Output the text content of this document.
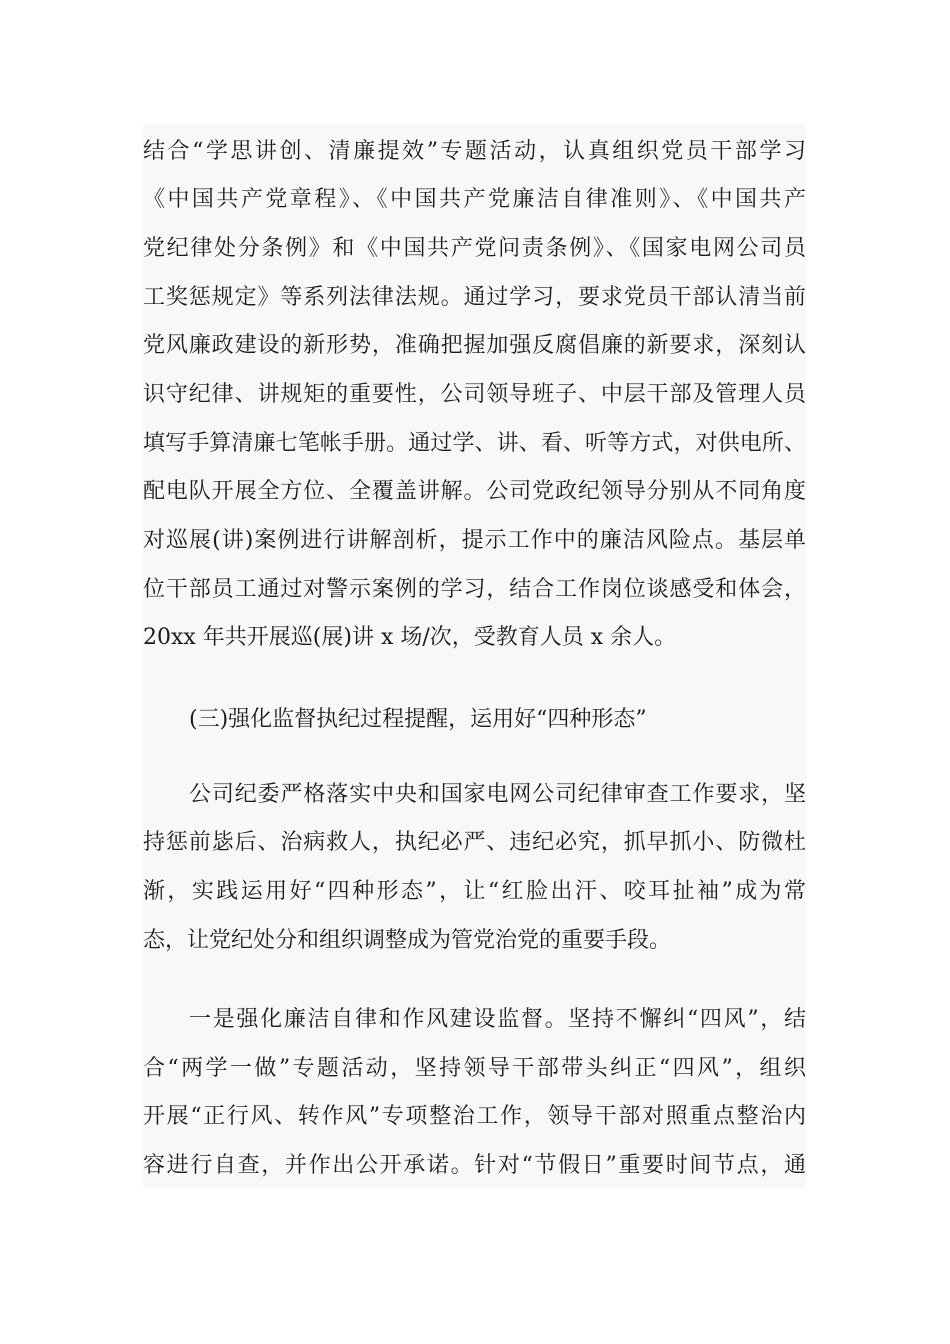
结合“学思讲创、清廉提效”专题活动，认真组织党员干部学习
《中国共产党章程》、《中国共产党廉洁自律准则》、《中国共产
党纪律处分条例》和《中国共产党问责条例》、《国家电网公司员
工奖惩规定》等系列法律法规。通过学习，要求党员干部认清当前
党风廉政建设的新形势，准确把握加强反腐倡廉的新要求，深刻认
识守纪律、讲规矩的重要性，公司领导班子、中层干部及管理人员
填写手算清廉七笔帐手册。通过学、讲、看、听等方式，对供电所、
配电队开展全方位、全覆盖讲解。公司党政纪领导分别从不同角度
对巡展(讲)案例进行讲解剖析，提示工作中的廉洁风险点。基层单
位干部员工通过对警示案例的学习，结合工作岗位谈感受和体会，
20xx 年共开展巡(展)讲 x 场/次，受教育人员 x 余人。
(三)强化监督执纪过程提醒，运用好“四种形态”
公司纪委严格落实中央和国家电网公司纪律审查工作要求，坚
持惩前毖后、治病救人，执纪必严、违纪必究，抓早抓小、防微杜
渐，实践运用好“四种形态”，让“红脸出汗、咬耳扯袖”成为常
态，让党纪处分和组织调整成为管党治党的重要手段。
一是强化廉洁自律和作风建设监督。坚持不懈纠“四风”，结
合“两学一做”专题活动，坚持领导干部带头纠正“四风”，组织
开展“正行风、转作风”专项整治工作，领导干部对照重点整治内
容进行自查，并作出公开承诺。针对“节假日”重要时间节点，通
